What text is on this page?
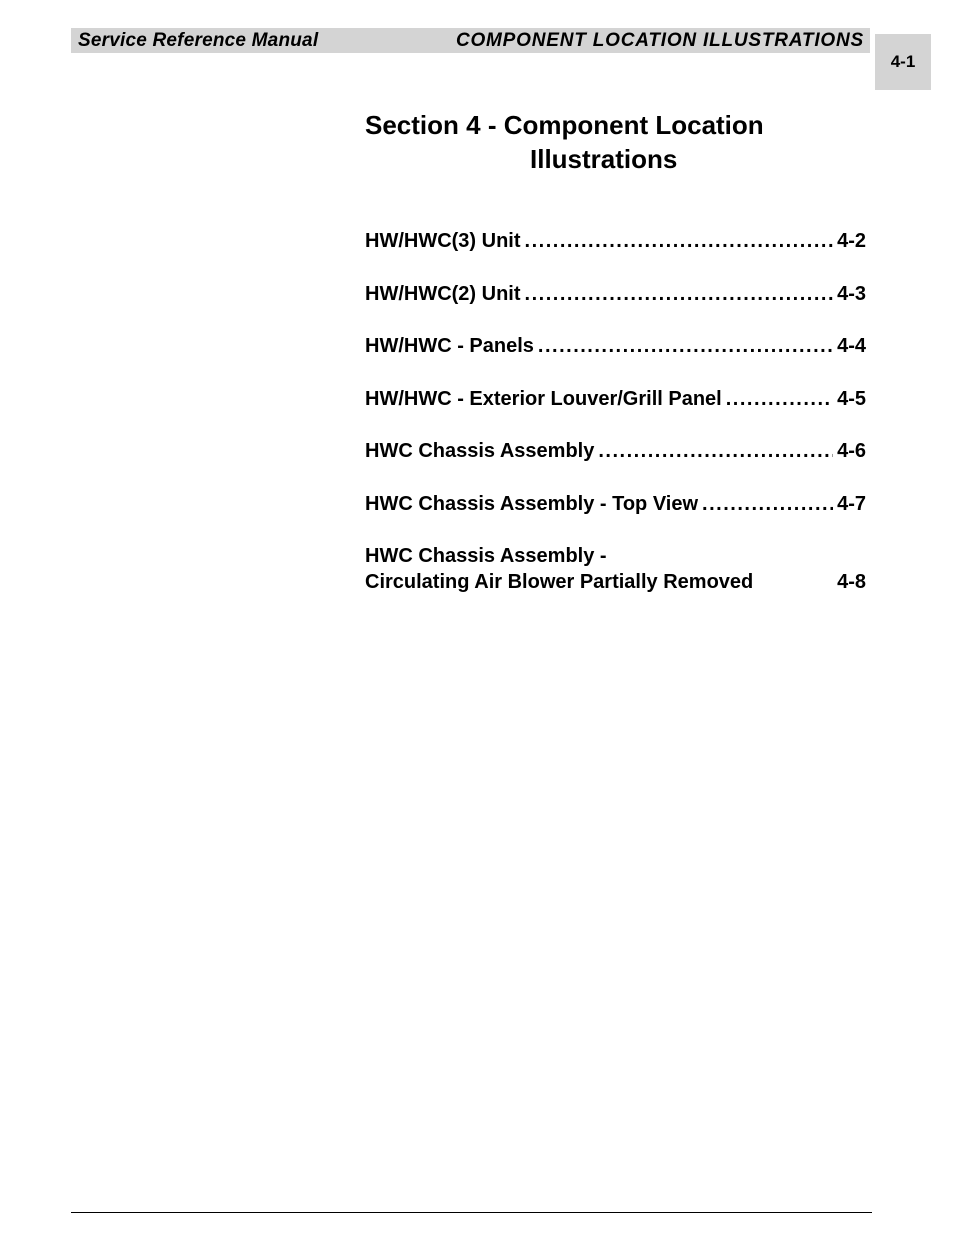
Service Reference Manual	COMPONENT LOCATION ILLUSTRATIONS
4-1
Section 4 - Component Location
Illustrations
HW/HWC(3) Unit .....	4-2
HW/HWC(2) Unit .....	4-3
HW/HWC - Panels .....	4-4
HW/HWC - Exterior Louver/Grill Panel .....	4-5
HWC Chassis Assembly .....	4-6
HWC Chassis Assembly - Top View .....	4-7
HWC Chassis Assembly -
Circulating Air Blower Partially Removed	4-8
